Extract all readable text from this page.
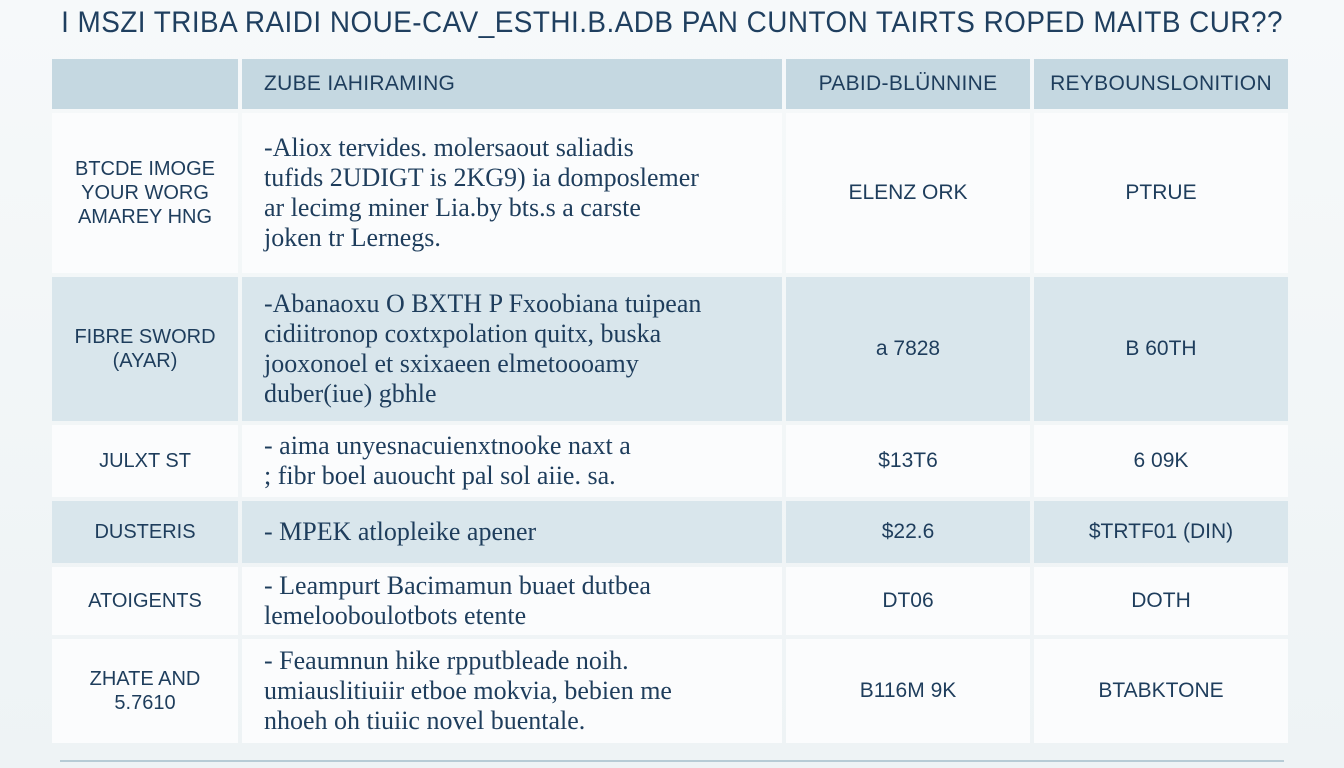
I MSZI TRIBA RAIDI NOUE-CAV_ESTHI.B.ADB PAN CUNTON TAIRTS ROPED MAITB CUR??
	ZUBE IAHIRAMING	PABID-BLÜNNINE	REYBOUNSLONITION
BTCDE IMOGE
YOUR WORG
AMAREY HNG	-Aliox tervides. molersaout saliadis
tufids 2UDIGT is 2KG9) ia domposlemer
ar lecimg miner Lia.by bts.s a carste
joken tr Lernegs.	ELENZ ORK	PTRUE
FIBRE SWORD
(AYAR)	-Abanaoxu O BXTH P Fxoobiana tuipean
cidiitronop coxtxpolation quitx, buska
jooxonoel et sxixaeen elmetoooamy
duber(iue) gbhle	a 7828	B 60TH
JULXT ST	- aima unyesnacuienxtnooke naxt a
; fibr boel auoucht pal sol aiie. sa.	$13T6	6 09K
DUSTERIS	- MPEK atlopleike apener	$22.6	$TRTF01 (DIN)
ATOIGENTS	- Leampurt Bacimamun buaet dutbea
lemelooboulotbots etente	DT06	DOTH
ZHATE AND
5.7610	- Feaumnun hike rpputbleade noih.
umiauslitiuiir etboe mokvia, bebien me
nhoeh oh tiuiic novel buentale.	B116M 9K	BTABKTONE
